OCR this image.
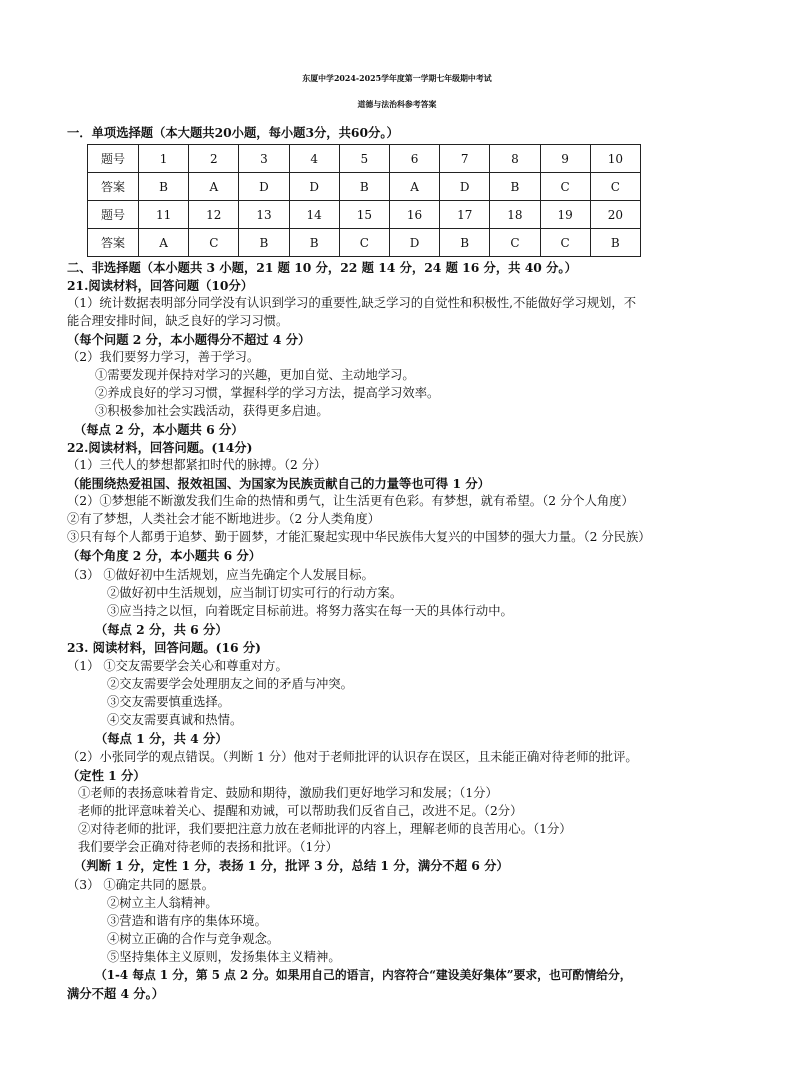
东厦中学2024-2025学年度第一学期七年级期中考试
道德与法治科参考答案
一．单项选择题（本大题共20小题，每小题3分，共60分。）
题号	1	2	3	4	5	6	7	8	9	10
答案	B	A	D	D	B	A	D	B	C	C
题号	11	12	13	14	15	16	17	18	19	20
答案	A	C	B	B	C	D	B	C	C	B
二、非选择题（本小题共 3 小题，21 题 10 分，22 题 14 分，24 题 16 分，共 40 分。）
21.阅读材料，回答问题（10分）
（1）统计数据表明部分同学没有认识到学习的重要性,缺乏学习的自觉性和积极性,不能做好学习规划，不
能合理安排时间，缺乏良好的学习习惯。
（每个问题 2 分，本小题得分不超过 4 分）
（2）我们要努力学习，善于学习。
①需要发现并保持对学习的兴趣，更加自觉、主动地学习。
②养成良好的学习习惯，掌握科学的学习方法，提高学习效率。
③积极参加社会实践活动，获得更多启迪。
（每点 2 分，本小题共 6 分）
22.阅读材料，回答问题。(14分)
（1）三代人的梦想都紧扣时代的脉搏。（2 分）
（能围绕热爱祖国、报效祖国、为国家为民族贡献自己的力量等也可得 1 分）
（2）①梦想能不断激发我们生命的热情和勇气，让生活更有色彩。有梦想，就有希望。（2 分个人角度）
②有了梦想，人类社会才能不断地进步。（2 分人类角度）
③只有每个人都勇于追梦、勤于圆梦，才能汇聚起实现中华民族伟大复兴的中国梦的强大力量。（2 分民族）
（每个角度 2 分，本小题共 6 分）
（3） ①做好初中生活规划，应当先确定个人发展目标。
②做好初中生活规划，应当制订切实可行的行动方案。
③应当持之以恒，向着既定目标前进。将努力落实在每一天的具体行动中。
（每点 2 分，共 6 分）
23. 阅读材料，回答问题。(16 分)
（1） ①交友需要学会关心和尊重对方。
②交友需要学会处理朋友之间的矛盾与冲突。
③交友需要慎重选择。
④交友需要真诚和热情。
（每点 1 分，共 4 分）
（2）小张同学的观点错误。（判断 1 分）他对于老师批评的认识存在误区，且未能正确对待老师的批评。
（定性 1 分）
①老师的表扬意味着肯定、鼓励和期待，激励我们更好地学习和发展；（1分）
老师的批评意味着关心、提醒和劝诫，可以帮助我们反省自己，改进不足。（2分）
②对待老师的批评，我们要把注意力放在老师批评的内容上，理解老师的良苦用心。（1分）
我们要学会正确对待老师的表扬和批评。（1分）
（判断 1 分，定性 1 分，表扬 1 分，批评 3 分，总结 1 分，满分不超 6 分）
（3） ①确定共同的愿景。
②树立主人翁精神。
③营造和谐有序的集体环境。
④树立正确的合作与竞争观念。
⑤坚持集体主义原则，发扬集体主义精神。
（1-4 每点 1 分，第 5 点 2 分。如果用自己的语言，内容符合“建设美好集体”要求，也可酌情给分，
满分不超 4 分。）
